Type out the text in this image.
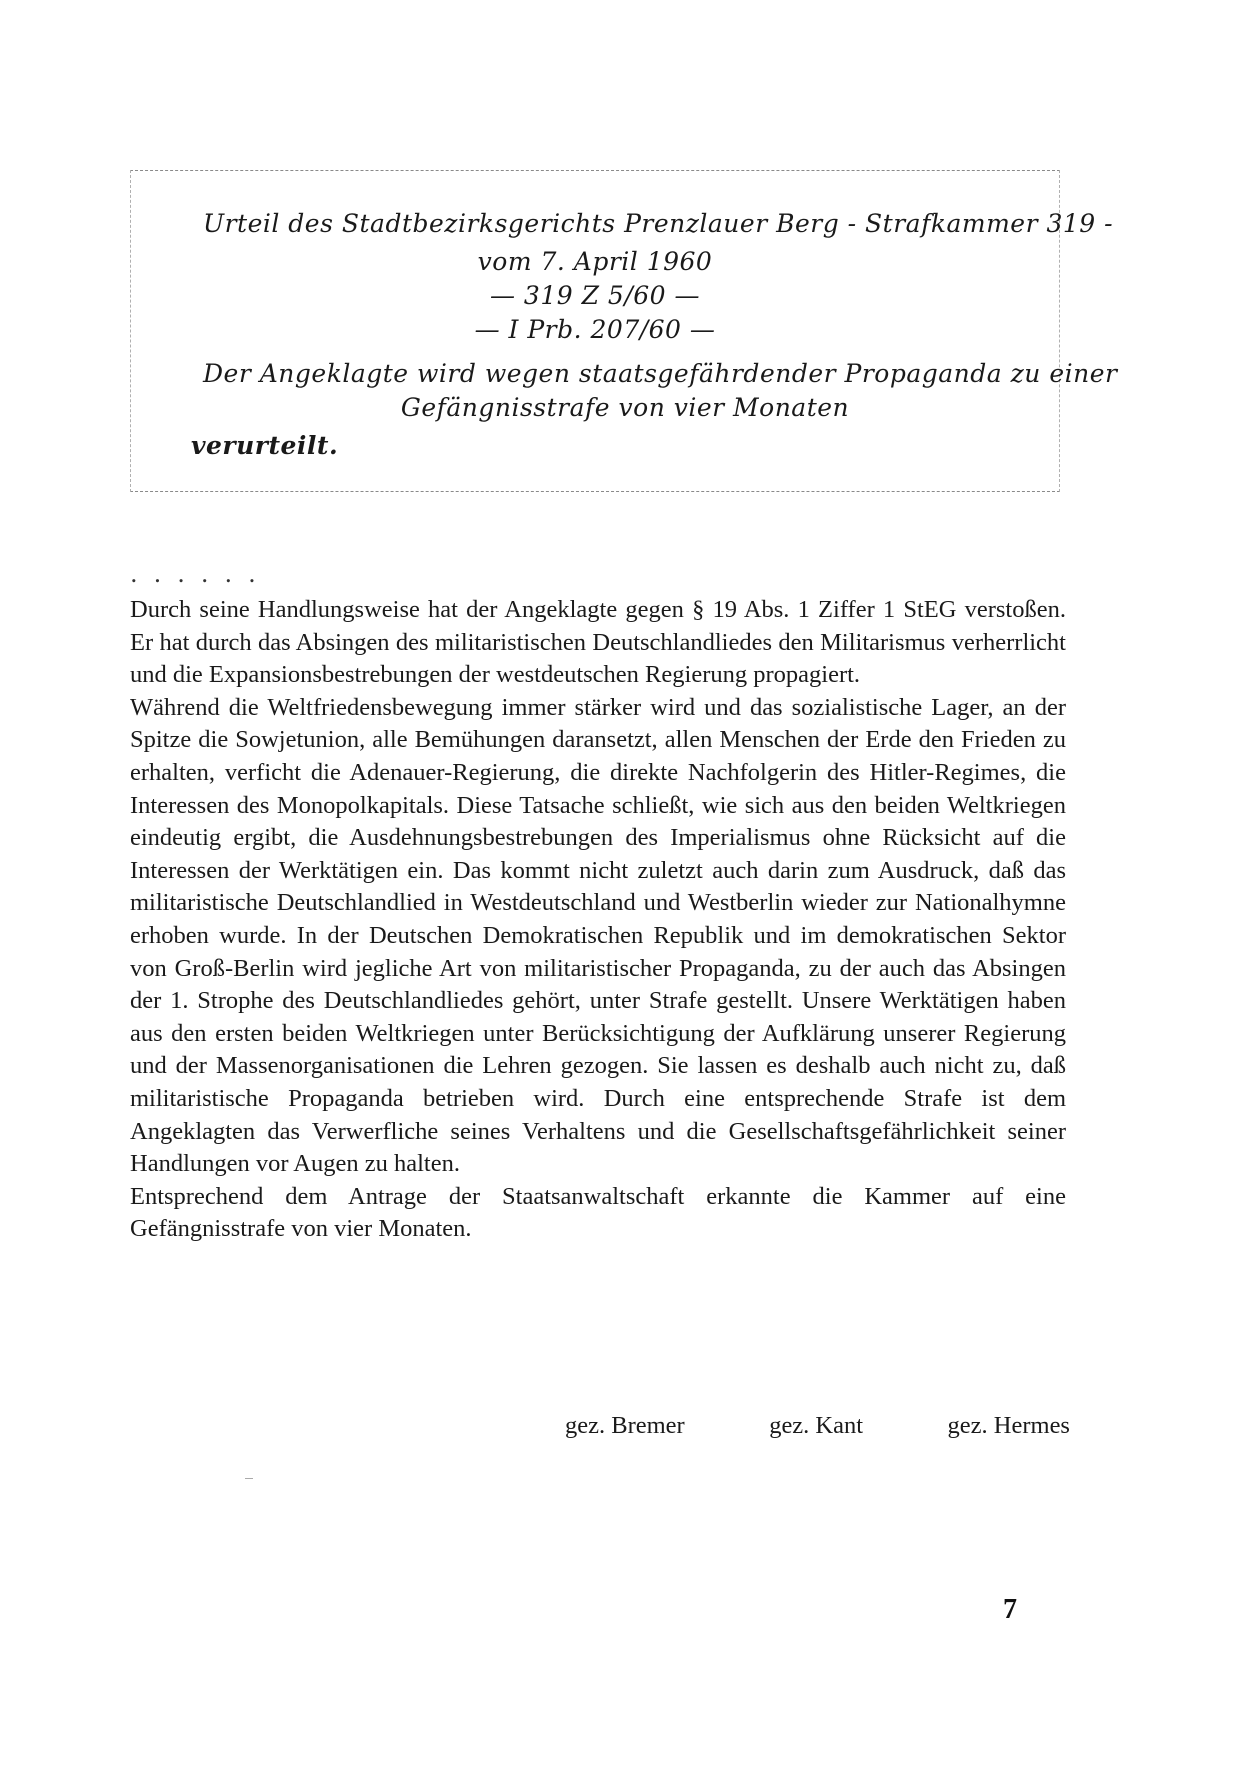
Urteil des Stadtbezirksgerichts Prenzlauer Berg - Strafkammer 319 -
vom 7. April 1960
— 319 Z 5/60 —
— I Prb. 207/60 —
Der Angeklagte wird wegen staatsgefährdender Propaganda zu einer
Gefängnisstrafe von vier Monaten
verurteilt.
......

Durch seine Handlungsweise hat der Angeklagte gegen § 19 Abs. 1 Ziffer 1 StEG verstoßen. Er hat durch das Absingen des militaristischen Deutschlandliedes den Militarismus verherrlicht und die Expansionsbestrebungen der westdeutschen Regierung propagiert.

Während die Weltfriedensbewegung immer stärker wird und das sozialistische Lager, an der Spitze die Sowjetunion, alle Bemühungen daransetzt, allen Menschen der Erde den Frieden zu erhalten, verficht die Adenauer-Regierung, die direkte Nachfolgerin des Hitler-Regimes, die Interessen des Monopolkapitals. Diese Tatsache schließt, wie sich aus den beiden Weltkriegen eindeutig ergibt, die Ausdehnungsbestrebungen des Imperialismus ohne Rücksicht auf die Interessen der Werktätigen ein. Das kommt nicht zuletzt auch darin zum Ausdruck, daß das militaristische Deutschlandlied in Westdeutschland und Westberlin wieder zur Nationalhymne erhoben wurde. In der Deutschen Demokratischen Republik und im demokratischen Sektor von Groß-Berlin wird jegliche Art von militaristischer Propaganda, zu der auch das Absingen der 1. Strophe des Deutschlandliedes gehört, unter Strafe gestellt. Unsere Werktätigen haben aus den ersten beiden Weltkriegen unter Berücksichtigung der Aufklärung unserer Regierung und der Massenorganisationen die Lehren gezogen. Sie lassen es deshalb auch nicht zu, daß militaristische Propaganda betrieben wird. Durch eine entsprechende Strafe ist dem Angeklagten das Verwerfliche seines Verhaltens und die Gesellschaftsgefährlichkeit seiner Handlungen vor Augen zu halten.

Entsprechend dem Antrage der Staatsanwaltschaft erkannte die Kammer auf eine Gefängnisstrafe von vier Monaten.

gez. Bremer	gez. Kant	gez. Hermes
7
